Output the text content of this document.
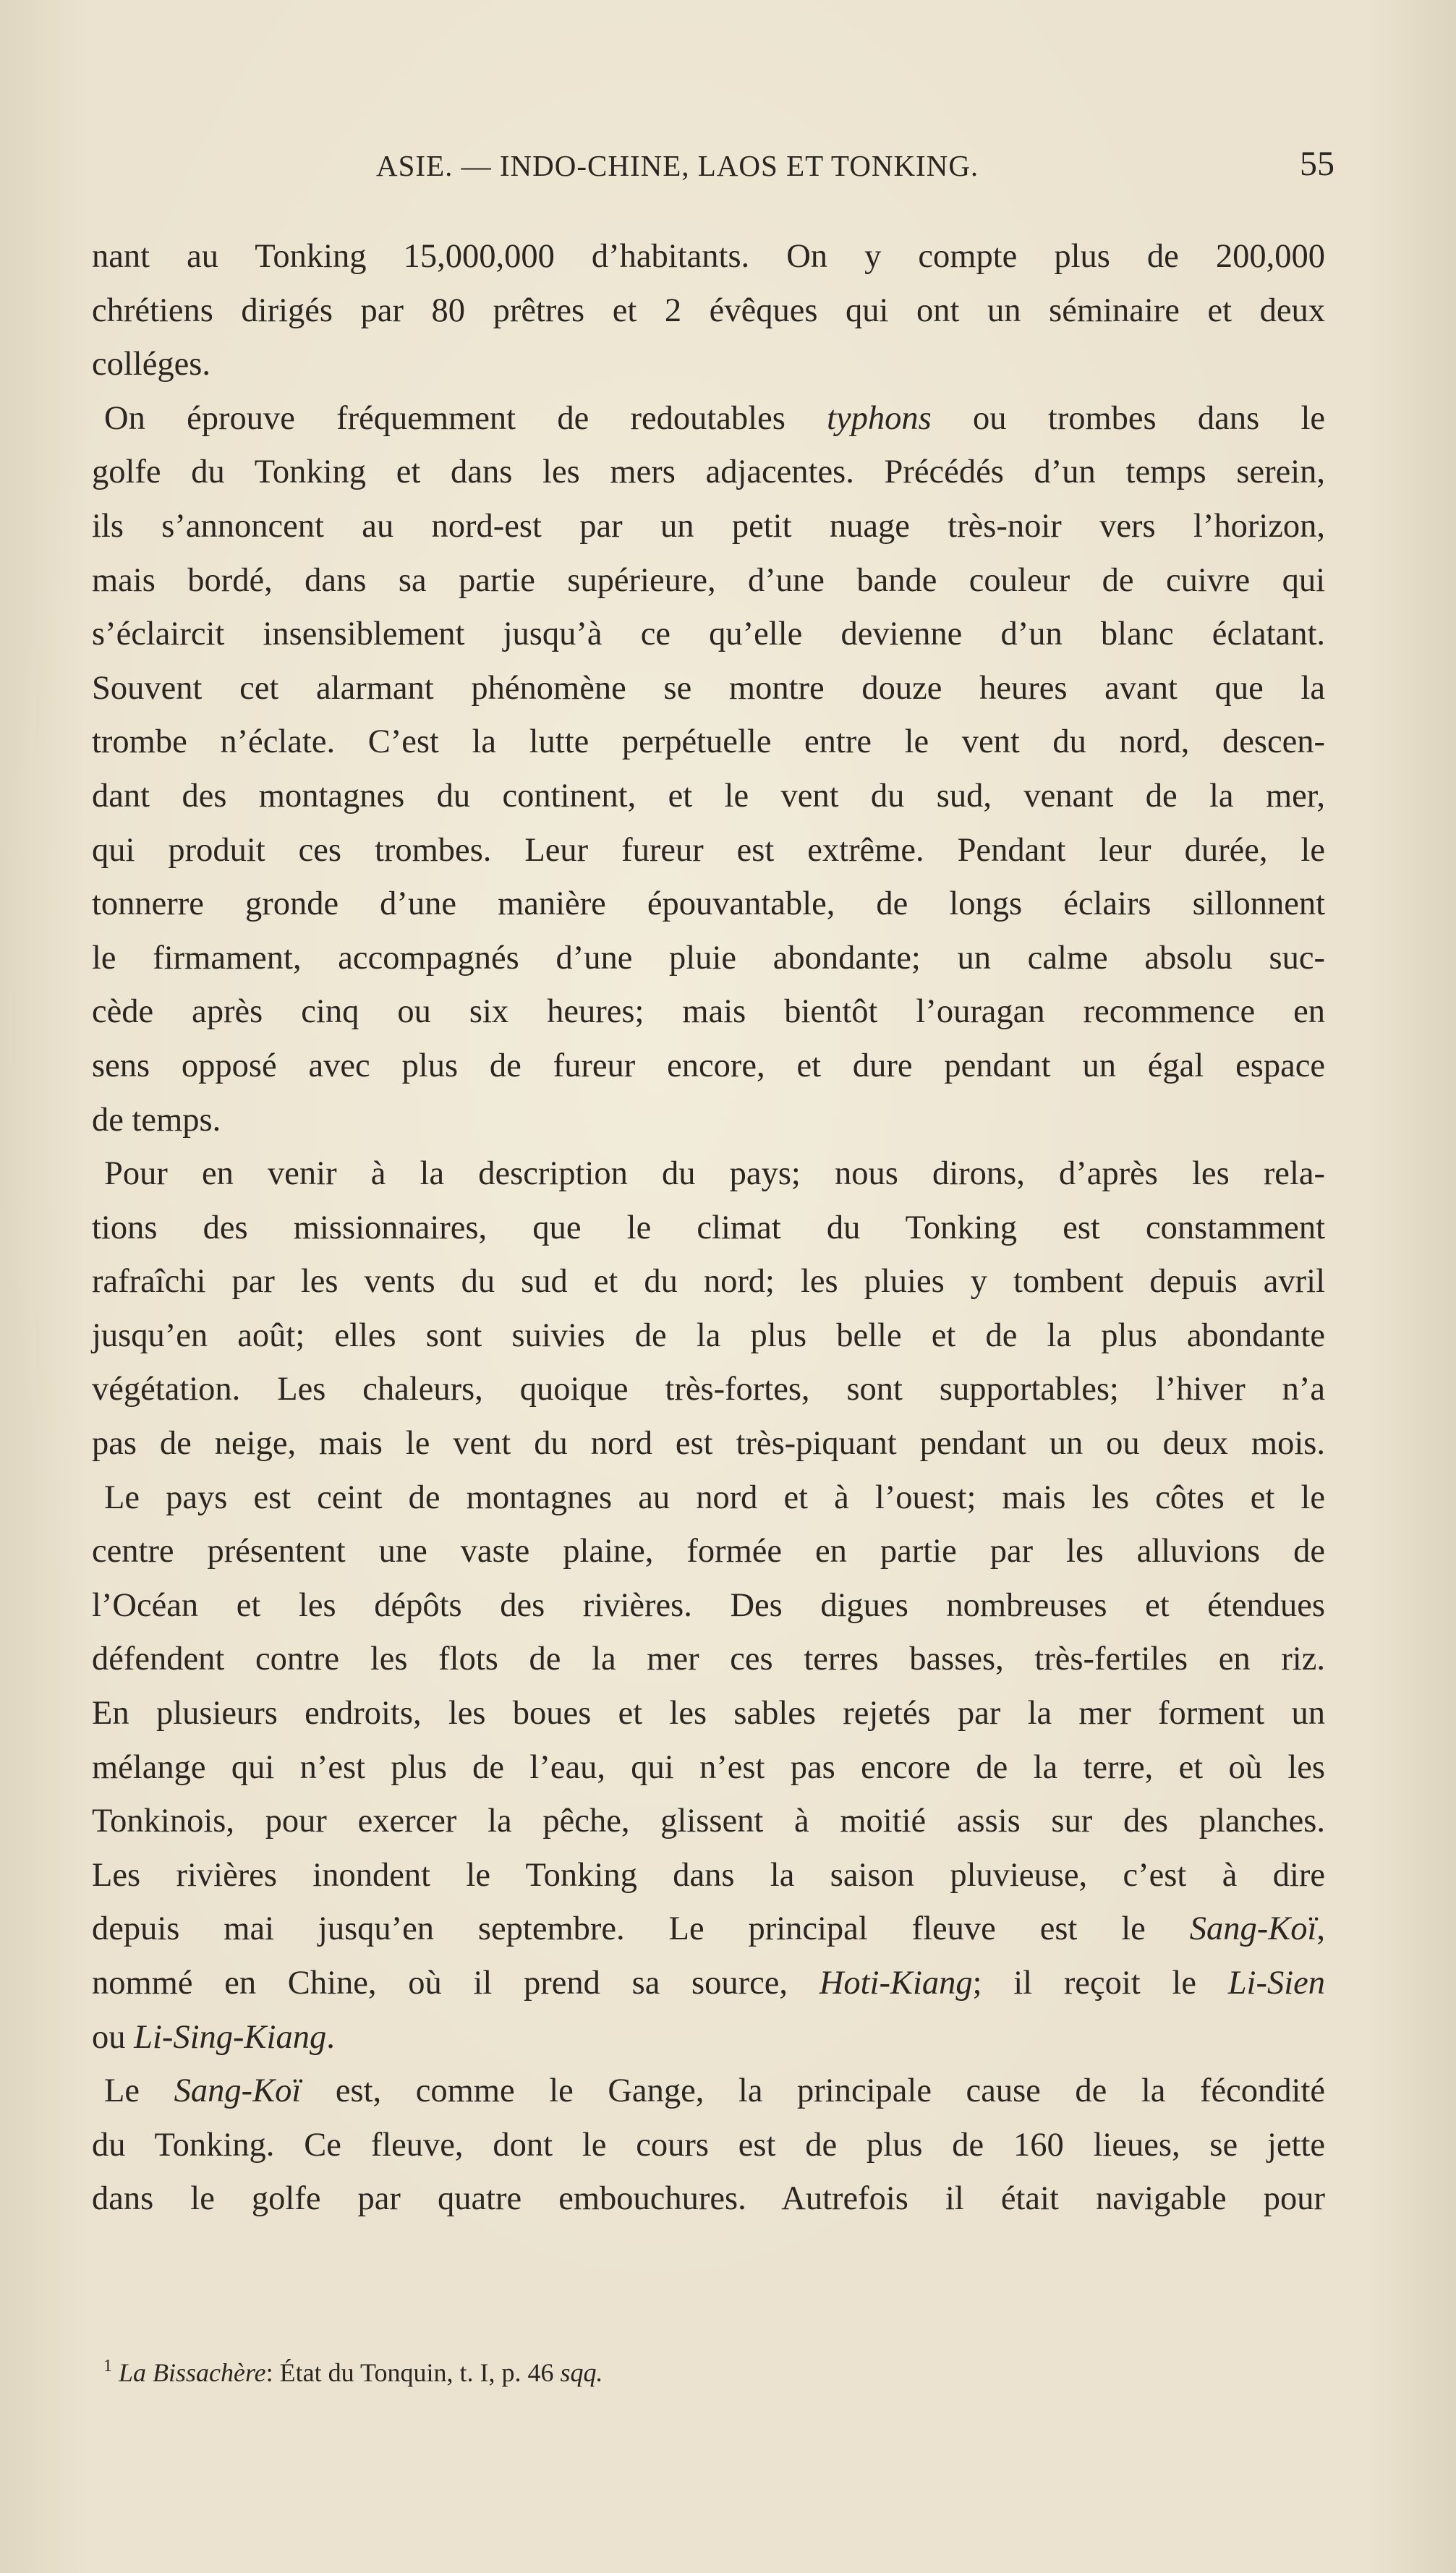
ASIE. — INDO-CHINE, LAOS ET TONKING.	55
nant au Tonking 15,000,000 d’habitants. On y compte plus de 200,000
chrétiens dirigés par 80 prêtres et 2 évêques qui ont un séminaire et deux
colléges.
On éprouve fréquemment de redoutables typhons ou trombes dans le
golfe du Tonking et dans les mers adjacentes. Précédés d’un temps serein,
ils s’annoncent au nord-est par un petit nuage très-noir vers l’horizon,
mais bordé, dans sa partie supérieure, d’une bande couleur de cuivre qui
s’éclaircit insensiblement jusqu’à ce qu’elle devienne d’un blanc éclatant.
Souvent cet alarmant phénomène se montre douze heures avant que la
trombe n’éclate. C’est la lutte perpétuelle entre le vent du nord, descen-
dant des montagnes du continent, et le vent du sud, venant de la mer,
qui produit ces trombes. Leur fureur est extrême. Pendant leur durée, le
tonnerre gronde d’une manière épouvantable, de longs éclairs sillonnent
le firmament, accompagnés d’une pluie abondante; un calme absolu suc-
cède après cinq ou six heures; mais bientôt l’ouragan recommence en
sens opposé avec plus de fureur encore, et dure pendant un égal espace
de temps.
Pour en venir à la description du pays; nous dirons, d’après les rela-
tions des missionnaires, que le climat du Tonking est constamment
rafraîchi par les vents du sud et du nord; les pluies y tombent depuis avril
jusqu’en août; elles sont suivies de la plus belle et de la plus abondante
végétation. Les chaleurs, quoique très-fortes, sont supportables; l’hiver n’a
pas de neige, mais le vent du nord est très-piquant pendant un ou deux mois.
Le pays est ceint de montagnes au nord et à l’ouest; mais les côtes et le
centre présentent une vaste plaine, formée en partie par les alluvions de
l’Océan et les dépôts des rivières. Des digues nombreuses et étendues
défendent contre les flots de la mer ces terres basses, très-fertiles en riz.
En plusieurs endroits, les boues et les sables rejetés par la mer forment un
mélange qui n’est plus de l’eau, qui n’est pas encore de la terre, et où les
Tonkinois, pour exercer la pêche, glissent à moitié assis sur des planches.
Les rivières inondent le Tonking dans la saison pluvieuse, c’est à dire
depuis mai jusqu’en septembre. Le principal fleuve est le Sang-Koï,
nommé en Chine, où il prend sa source, Hoti-Kiang; il reçoit le Li-Sien
ou Li-Sing-Kiang.
Le Sang-Koï est, comme le Gange, la principale cause de la fécondité
du Tonking. Ce fleuve, dont le cours est de plus de 160 lieues, se jette
dans le golfe par quatre embouchures. Autrefois il était navigable pour
$^1$ La Bissachère: État du Tonquin, t. I, p. 46 sqq.
